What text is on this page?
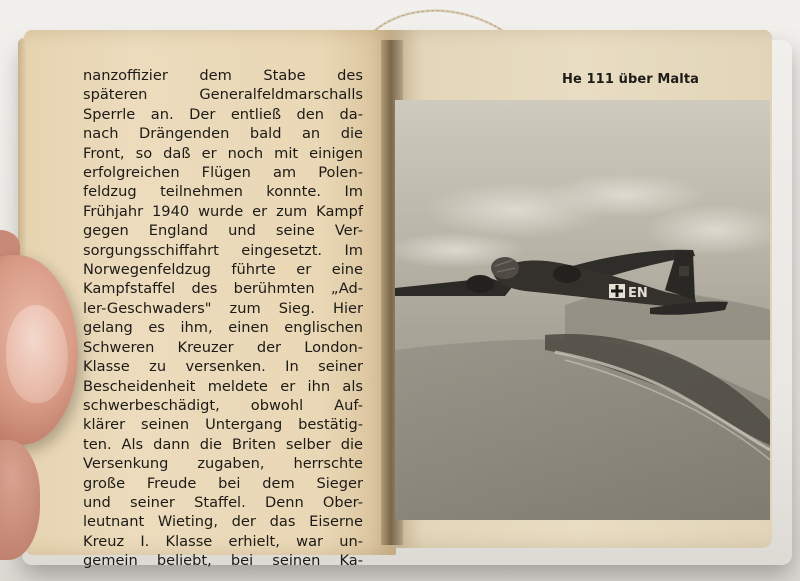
nanzoffizier dem Stabe des
späteren Generalfeldmarschalls
Sperrle an. Der entließ den da-
nach Drängenden bald an die
Front, so daß er noch mit einigen
erfolgreichen Flügen am Polen-
feldzug teilnehmen konnte. Im
Frühjahr 1940 wurde er zum Kampf
gegen England und seine Ver-
sorgungsschiffahrt eingesetzt. Im
Norwegenfeldzug führte er eine
Kampfstaffel des berühmten „Ad-
ler-Geschwaders" zum Sieg. Hier
gelang es ihm, einen englischen
Schweren Kreuzer der London-
Klasse zu versenken. In seiner
Bescheidenheit meldete er ihn als
schwerbeschädigt, obwohl Auf-
klärer seinen Untergang bestätig-
ten. Als dann die Briten selber die
Versenkung zugaben, herrschte
große Freude bei dem Sieger
und seiner Staffel. Denn Ober-
leutnant Wieting, der das Eiserne
Kreuz I. Klasse erhielt, war un-
gemein beliebt, bei seinen Ka-
He 111 über Malta
EN
